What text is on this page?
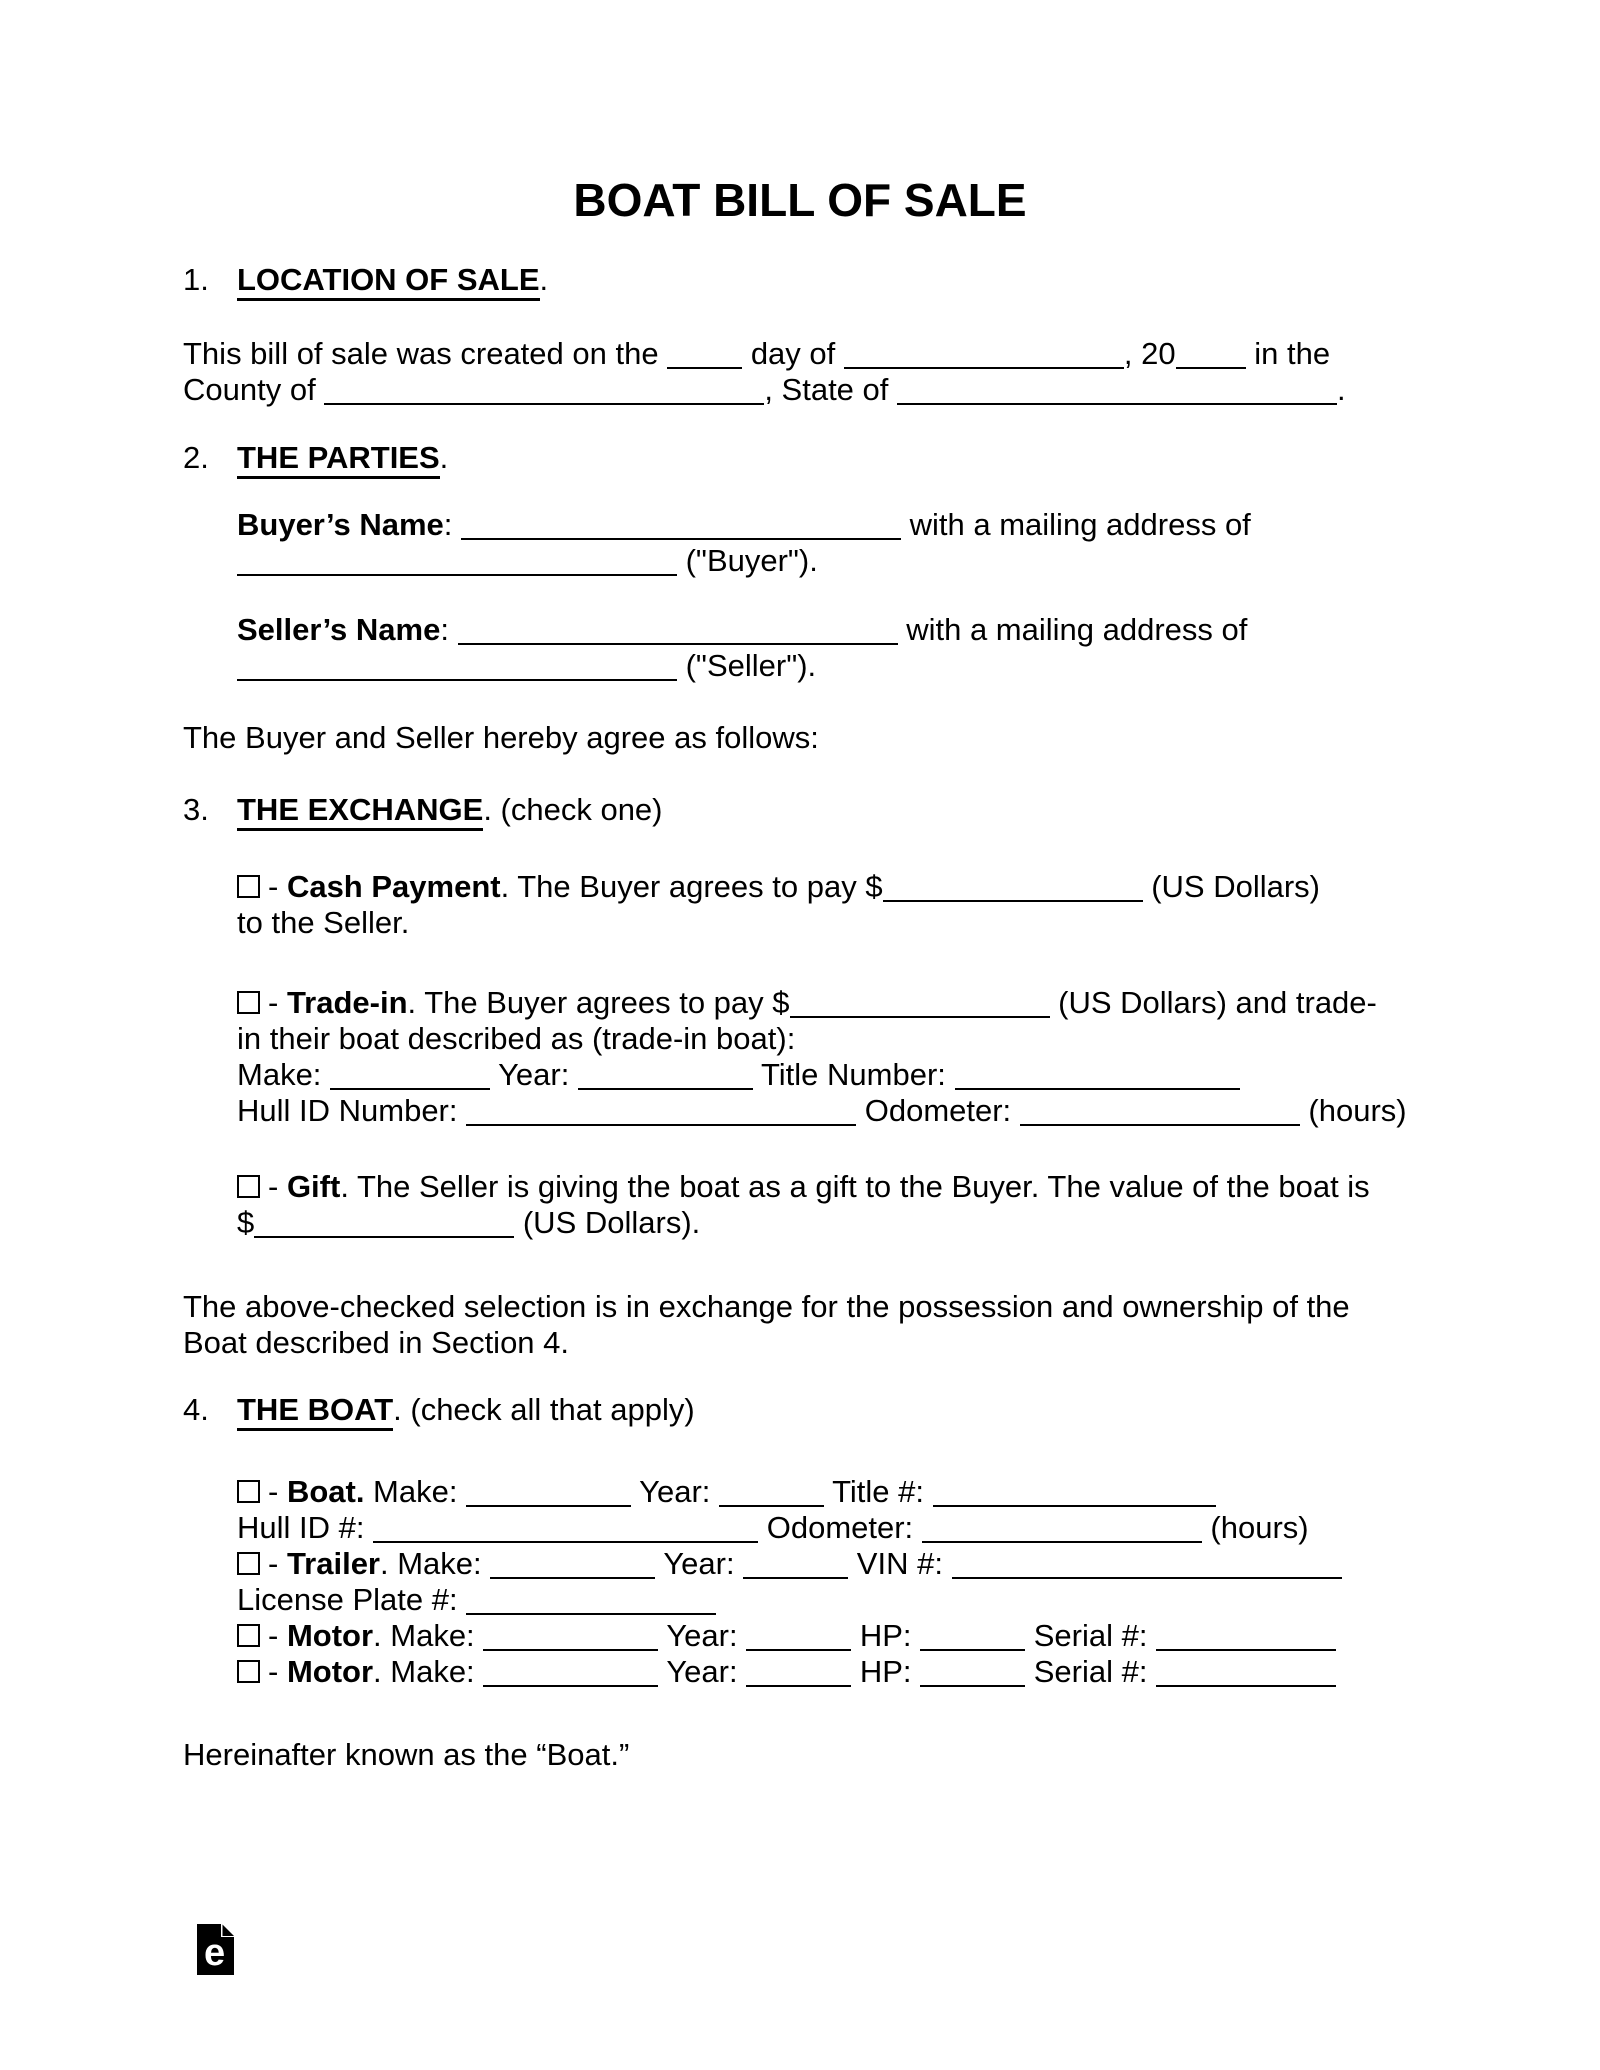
BOAT BILL OF SALE
1. LOCATION OF SALE.
This bill of sale was created on the  day of	, 20 in the
County of	, State of	.
2. THE PARTIES.
Buyer’s Name:	with a mailing address of
("Buyer").
Seller’s Name:	with a mailing address of
("Seller").
The Buyer and Seller hereby agree as follows:
3. THE EXCHANGE. (check one)
- Cash Payment. The Buyer agrees to pay $	(US Dollars)
to the Seller.
- Trade-in. The Buyer agrees to pay $	(US Dollars) and trade-
in their boat described as (trade-in boat):
Make:	Year:	Title Number:
Hull ID Number:	Odometer:	(hours)
- Gift. The Seller is giving the boat as a gift to the Buyer. The value of the boat is
$	(US Dollars).
The above-checked selection is in exchange for the possession and ownership of the
Boat described in Section 4.
4. THE BOAT. (check all that apply)
- Boat. Make:	Year:	Title #:
Hull ID #:	Odometer:	(hours)
- Trailer. Make:	Year:	VIN #:
License Plate #:
- Motor. Make:	Year:	HP:	Serial #:
- Motor. Make:	Year:	HP:	Serial #:
Hereinafter known as the “Boat.”
e
